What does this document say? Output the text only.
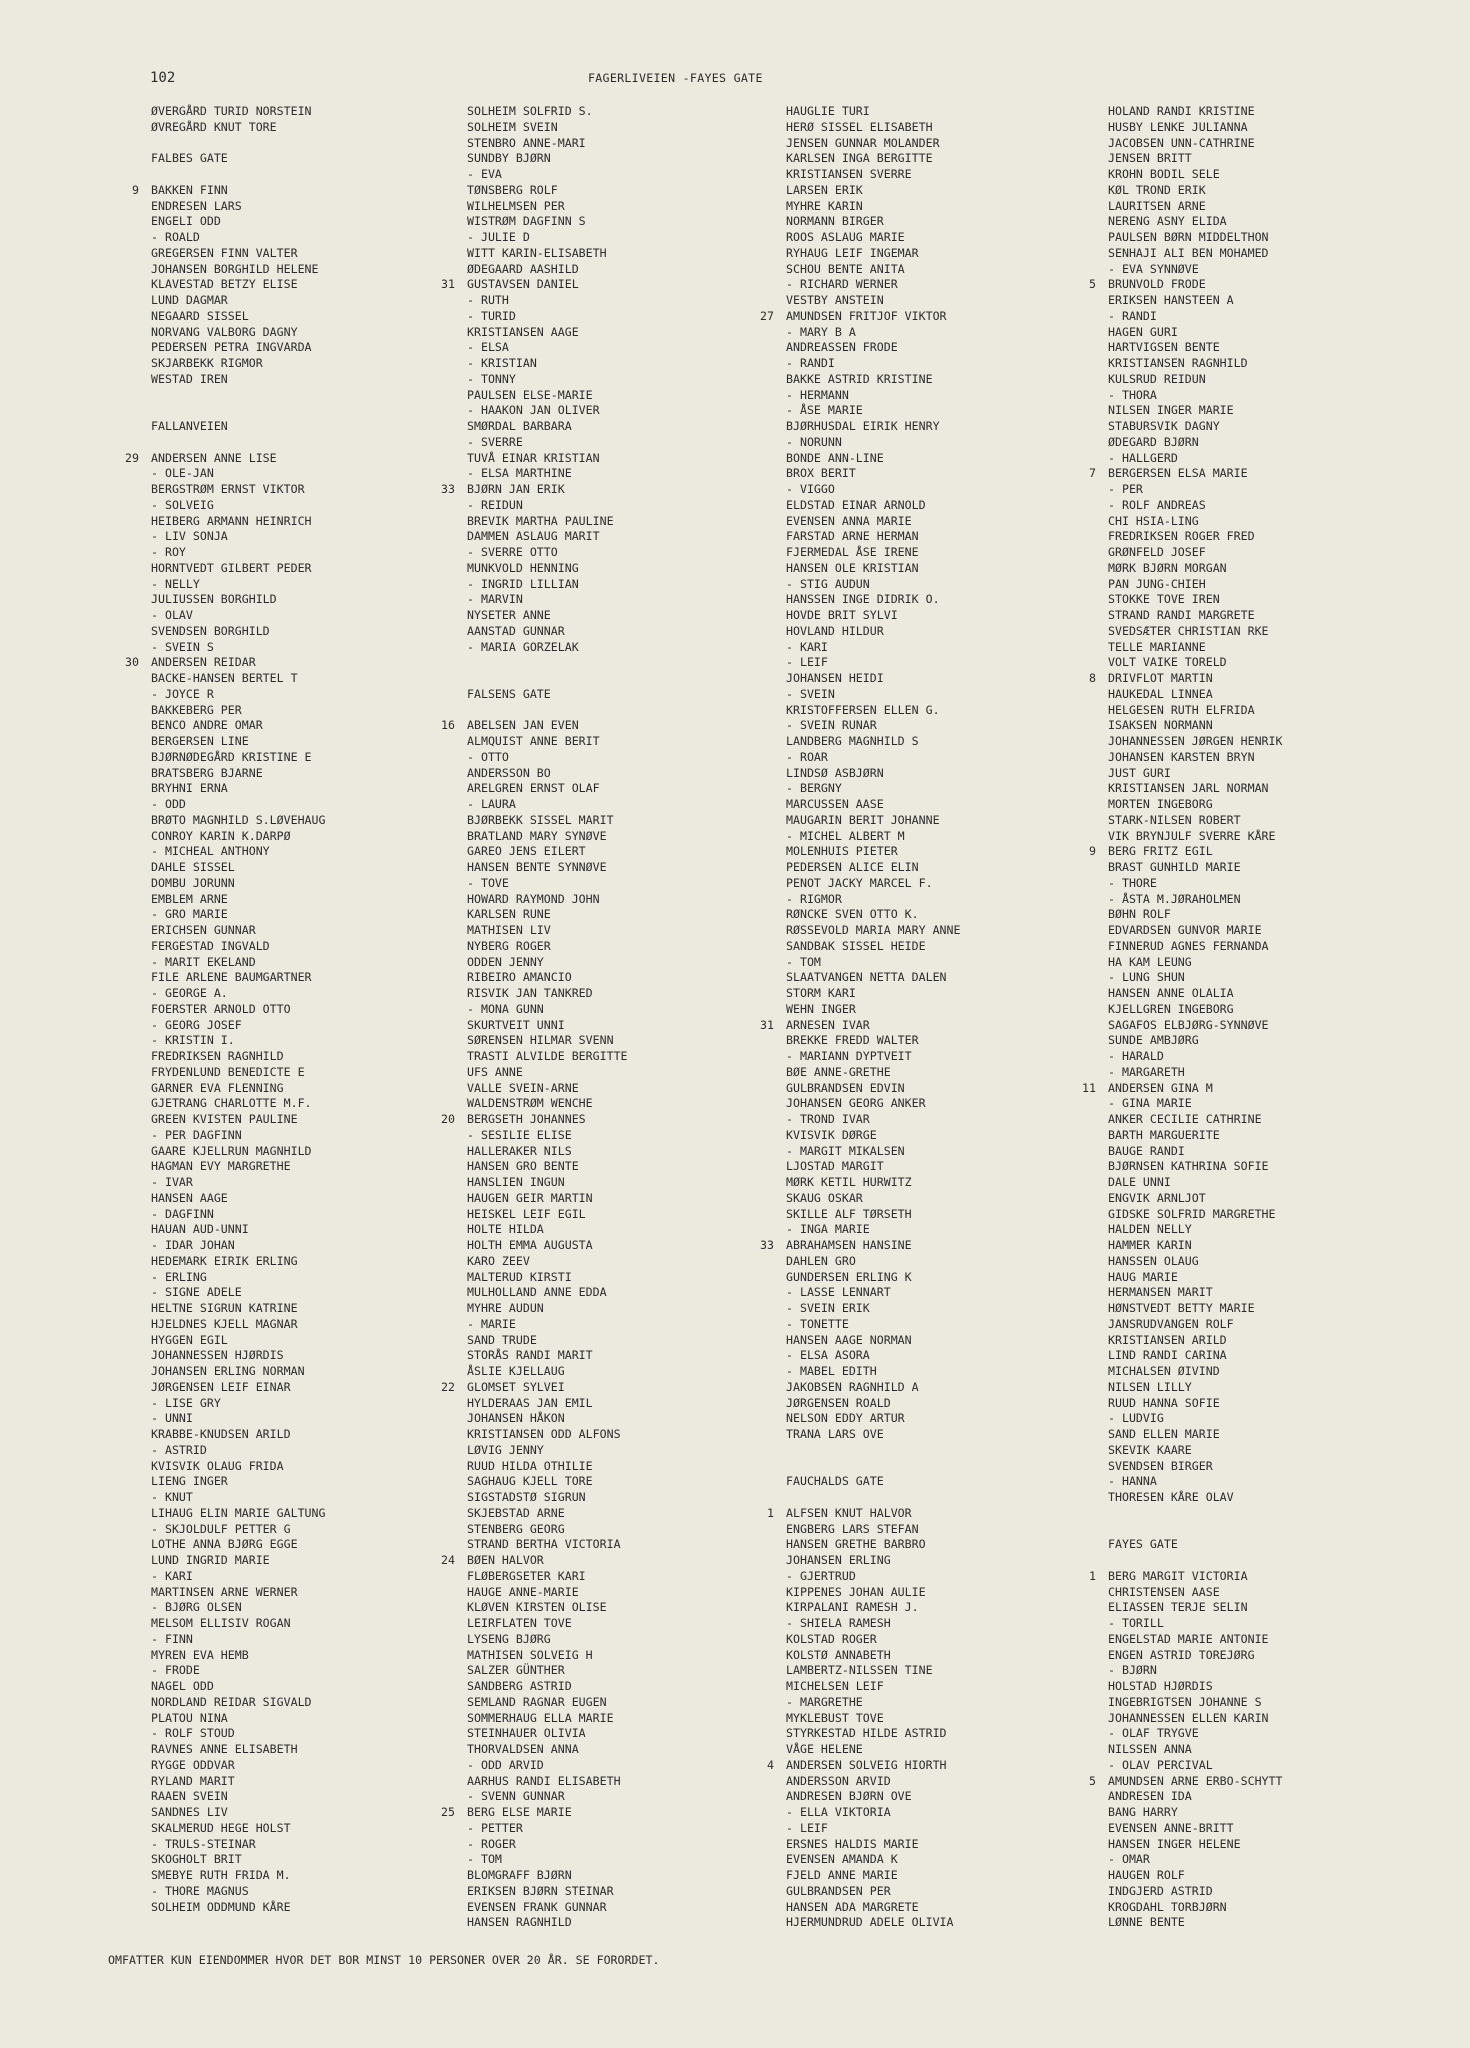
102	FAGERLIVEIEN -FAYES GATE
ØVERGÅRD TURID NORSTEIN
ØVREGÅRD KNUT TORE
FALBES GATE
9 BAKKEN FINN
ENDRESEN LARS
ENGELI ODD
- ROALD
GREGERSEN FINN VALTER
JOHANSEN BORGHILD HELENE
KLAVESTAD BETZY ELISE
LUND DAGMAR
NEGAARD SISSEL
NORVANG VALBORG DAGNY
PEDERSEN PETRA INGVARDA
SKJARBEKK RIGMOR
WESTAD IREN
FALLANVEIEN
29 ANDERSEN ANNE LISE
- OLE-JAN
BERGSTRØM ERNST VIKTOR
- SOLVEIG
HEIBERG ARMANN HEINRICH
- LIV SONJA
- ROY
HORNTVEDT GILBERT PEDER
- NELLY
JULIUSSEN BORGHILD
- OLAV
SVENDSEN BORGHILD
- SVEIN S
30 ANDERSEN REIDAR
BACKE-HANSEN BERTEL T
- JOYCE R
BAKKEBERG PER
BENCO ANDRE OMAR
BERGERSEN LINE
BJØRNØDEGÅRD KRISTINE E
BRATSBERG BJARNE
BRYHNI ERNA
- ODD
BRØTO MAGNHILD S.LØVEHAUG
CONROY KARIN K.DARPØ
- MICHEAL ANTHONY
DAHLE SISSEL
DOMBU JORUNN
EMBLEM ARNE
- GRO MARIE
ERICHSEN GUNNAR
FERGESTAD INGVALD
- MARIT EKELAND
FILE ARLENE BAUMGARTNER
- GEORGE A.
FOERSTER ARNOLD OTTO
- GEORG JOSEF
- KRISTIN I.
FREDRIKSEN RAGNHILD
FRYDENLUND BENEDICTE E
GARNER EVA FLENNING
GJETRANG CHARLOTTE M.F.
GREEN KVISTEN PAULINE
- PER DAGFINN
GAARE KJELLRUN MAGNHILD
HAGMAN EVY MARGRETHE
- IVAR
HANSEN AAGE
- DAGFINN
HAUAN AUD-UNNI
- IDAR JOHAN
HEDEMARK EIRIK ERLING
- ERLING
- SIGNE ADELE
HELTNE SIGRUN KATRINE
HJELDNES KJELL MAGNAR
HYGGEN EGIL
JOHANNESSEN HJØRDIS
JOHANSEN ERLING NORMAN
JØRGENSEN LEIF EINAR
- LISE GRY
- UNNI
KRABBE-KNUDSEN ARILD
- ASTRID
KVISVIK OLAUG FRIDA
LIENG INGER
- KNUT
LIHAUG ELIN MARIE GALTUNG
- SKJOLDULF PETTER G
LOTHE ANNA BJØRG EGGE
LUND INGRID MARIE
- KARI
MARTINSEN ARNE WERNER
- BJØRG OLSEN
MELSOM ELLISIV ROGAN
- FINN
MYREN EVA HEMB
- FRODE
NAGEL ODD
NORDLAND REIDAR SIGVALD
PLATOU NINA
- ROLF STOUD
RAVNES ANNE ELISABETH
RYGGE ODDVAR
RYLAND MARIT
RAAEN SVEIN
SANDNES LIV
SKALMERUD HEGE HOLST
- TRULS-STEINAR
SKOGHOLT BRIT
SMEBYE RUTH FRIDA M.
- THORE MAGNUS
SOLHEIM ODDMUND KÅRE
SOLHEIM SOLFRID S.
SOLHEIM SVEIN
STENBRO ANNE-MARI
SUNDBY BJØRN
- EVA
TØNSBERG ROLF
WILHELMSEN PER
WISTRØM DAGFINN S
- JULIE D
WITT KARIN-ELISABETH
ØDEGAARD AASHILD
31 GUSTAVSEN DANIEL
- RUTH
- TURID
KRISTIANSEN AAGE
- ELSA
- KRISTIAN
- TONNY
PAULSEN ELSE-MARIE
- HAAKON JAN OLIVER
SMØRDAL BARBARA
- SVERRE
TUVÅ EINAR KRISTIAN
- ELSA MARTHINE
33 BJØRN JAN ERIK
- REIDUN
BREVIK MARTHA PAULINE
DAMMEN ASLAUG MARIT
- SVERRE OTTO
MUNKVOLD HENNING
- INGRID LILLIAN
- MARVIN
NYSETER ANNE
AANSTAD GUNNAR
- MARIA GORZELAK
FALSENS GATE
16 ABELSEN JAN EVEN
ALMQUIST ANNE BERIT
- OTTO
ANDERSSON BO
ARELGREN ERNST OLAF
- LAURA
BJØRBEKK SISSEL MARIT
BRATLAND MARY SYNØVE
GAREO JENS EILERT
HANSEN BENTE SYNNØVE
- TOVE
HOWARD RAYMOND JOHN
KARLSEN RUNE
MATHISEN LIV
NYBERG ROGER
ODDEN JENNY
RIBEIRO AMANCIO
RISVIK JAN TANKRED
- MONA GUNN
SKURTVEIT UNNI
SØRENSEN HILMAR SVENN
TRASTI ALVILDE BERGITTE
UFS ANNE
VALLE SVEIN-ARNE
WALDENSTRØM WENCHE
20 BERGSETH JOHANNES
- SESILIE ELISE
HALLERAKER NILS
HANSEN GRO BENTE
HANSLIEN INGUN
HAUGEN GEIR MARTIN
HEISKEL LEIF EGIL
HOLTE HILDA
HOLTH EMMA AUGUSTA
KARO ZEEV
MALTERUD KIRSTI
MULHOLLAND ANNE EDDA
MYHRE AUDUN
- MARIE
SAND TRUDE
STORÅS RANDI MARIT
ÅSLIE KJELLAUG
22 GLOMSET SYLVEI
HYLDERAAS JAN EMIL
JOHANSEN HÅKON
KRISTIANSEN ODD ALFONS
LØVIG JENNY
RUUD HILDA OTHILIE
SAGHAUG KJELL TORE
SIGSTADSTØ SIGRUN
SKJEBSTAD ARNE
STENBERG GEORG
STRAND BERTHA VICTORIA
24 BØEN HALVOR
FLØBERGSETER KARI
HAUGE ANNE-MARIE
KLØVEN KIRSTEN OLISE
LEIRFLATEN TOVE
LYSENG BJØRG
MATHISEN SOLVEIG H
SALZER GÜNTHER
SANDBERG ASTRID
SEMLAND RAGNAR EUGEN
SOMMERHAUG ELLA MARIE
STEINHAUER OLIVIA
THORVALDSEN ANNA
- ODD ARVID
AARHUS RANDI ELISABETH
- SVENN GUNNAR
25 BERG ELSE MARIE
- PETTER
- ROGER
- TOM
BLOMGRAFF BJØRN
ERIKSEN BJØRN STEINAR
EVENSEN FRANK GUNNAR
HANSEN RAGNHILD
HAUGLIE TURI
HERØ SISSEL ELISABETH
JENSEN GUNNAR MOLANDER
KARLSEN INGA BERGITTE
KRISTIANSEN SVERRE
LARSEN ERIK
MYHRE KARIN
NORMANN BIRGER
ROOS ASLAUG MARIE
RYHAUG LEIF INGEMAR
SCHOU BENTE ANITA
- RICHARD WERNER
VESTBY ANSTEIN
27 AMUNDSEN FRITJOF VIKTOR
- MARY B A
ANDREASSEN FRODE
- RANDI
BAKKE ASTRID KRISTINE
- HERMANN
- ÅSE MARIE
BJØRHUSDAL EIRIK HENRY
- NORUNN
BONDE ANN-LINE
BROX BERIT
- VIGGO
ELDSTAD EINAR ARNOLD
EVENSEN ANNA MARIE
FARSTAD ARNE HERMAN
FJERMEDAL ÅSE IRENE
HANSEN OLE KRISTIAN
- STIG AUDUN
HANSSEN INGE DIDRIK O.
HOVDE BRIT SYLVI
HOVLAND HILDUR
- KARI
- LEIF
JOHANSEN HEIDI
- SVEIN
KRISTOFFERSEN ELLEN G.
- SVEIN RUNAR
LANDBERG MAGNHILD S
- ROAR
LINDSØ ASBJØRN
- BERGNY
MARCUSSEN AASE
MAUGARIN BERIT JOHANNE
- MICHEL ALBERT M
MOLENHUIS PIETER
PEDERSEN ALICE ELIN
PENOT JACKY MARCEL F.
- RIGMOR
RØNCKE SVEN OTTO K.
RØSSEVOLD MARIA MARY ANNE
SANDBAK SISSEL HEIDE
- TOM
SLAATVANGEN NETTA DALEN
STORM KARI
WEHN INGER
31 ARNESEN IVAR
BREKKE FREDD WALTER
- MARIANN DYPTVEIT
BØE ANNE-GRETHE
GULBRANDSEN EDVIN
JOHANSEN GEORG ANKER
- TROND IVAR
KVISVIK DØRGE
- MARGIT MIKALSEN
LJOSTAD MARGIT
MØRK KETIL HURWITZ
SKAUG OSKAR
SKILLE ALF TØRSETH
- INGA MARIE
33 ABRAHAMSEN HANSINE
DAHLEN GRO
GUNDERSEN ERLING K
- LASSE LENNART
- SVEIN ERIK
- TONETTE
HANSEN AAGE NORMAN
- ELSA ASORA
- MABEL EDITH
JAKOBSEN RAGNHILD A
JØRGENSEN ROALD
NELSON EDDY ARTUR
TRANA LARS OVE
FAUCHALDS GATE
1 ALFSEN KNUT HALVOR
ENGBERG LARS STEFAN
HANSEN GRETHE BARBRO
JOHANSEN ERLING
- GJERTRUD
KIPPENES JOHAN AULIE
KIRPALANI RAMESH J.
- SHIELA RAMESH
KOLSTAD ROGER
KOLSTØ ANNABETH
LAMBERTZ-NILSSEN TINE
MICHELSEN LEIF
- MARGRETHE
MYKLEBUST TOVE
STYRKESTAD HILDE ASTRID
VÅGE HELENE
4 ANDERSEN SOLVEIG HIORTH
ANDERSSON ARVID
ANDRESEN BJØRN OVE
- ELLA VIKTORIA
- LEIF
ERSNES HALDIS MARIE
EVENSEN AMANDA K
FJELD ANNE MARIE
GULBRANDSEN PER
HANSEN ADA MARGRETE
HJERMUNDRUD ADELE OLIVIA
HOLAND RANDI KRISTINE
HUSBY LENKE JULIANNA
JACOBSEN UNN-CATHRINE
JENSEN BRITT
KROHN BODIL SELE
KØL TROND ERIK
LAURITSEN ARNE
NERENG ASNY ELIDA
PAULSEN BØRN MIDDELTHON
SENHAJI ALI BEN MOHAMED
- EVA SYNNØVE
5 BRUNVOLD FRODE
ERIKSEN HANSTEEN A
- RANDI
HAGEN GURI
HARTVIGSEN BENTE
KRISTIANSEN RAGNHILD
KULSRUD REIDUN
- THORA
NILSEN INGER MARIE
STABURSVIK DAGNY
ØDEGARD BJØRN
- HALLGERD
7 BERGERSEN ELSA MARIE
- PER
- ROLF ANDREAS
CHI HSIA-LING
FREDRIKSEN ROGER FRED
GRØNFELD JOSEF
MØRK BJØRN MORGAN
PAN JUNG-CHIEH
STOKKE TOVE IREN
STRAND RANDI MARGRETE
SVEDSÆTER CHRISTIAN RKE
TELLE MARIANNE
VOLT VAIKE TORELD
8 DRIVFLOT MARTIN
HAUKEDAL LINNEA
HELGESEN RUTH ELFRIDA
ISAKSEN NORMANN
JOHANNESSEN JØRGEN HENRIK
JOHANSEN KARSTEN BRYN
JUST GURI
KRISTIANSEN JARL NORMAN
MORTEN INGEBORG
STARK-NILSEN ROBERT
VIK BRYNJULF SVERRE KÅRE
9 BERG FRITZ EGIL
BRAST GUNHILD MARIE
- THORE
- ÅSTA M.JØRAHOLMEN
BØHN ROLF
EDVARDSEN GUNVOR MARIE
FINNERUD AGNES FERNANDA
HA KAM LEUNG
- LUNG SHUN
HANSEN ANNE OLALIA
KJELLGREN INGEBORG
SAGAFOS ELBJØRG-SYNNØVE
SUNDE AMBJØRG
- HARALD
- MARGARETH
11 ANDERSEN GINA M
- GINA MARIE
ANKER CECILIE CATHRINE
BARTH MARGUERITE
BAUGE RANDI
BJØRNSEN KATHRINA SOFIE
DALE UNNI
ENGVIK ARNLJOT
GIDSKE SOLFRID MARGRETHE
HALDEN NELLY
HAMMER KARIN
HANSSEN OLAUG
HAUG MARIE
HERMANSEN MARIT
HØNSTVEDT BETTY MARIE
JANSRUDVANGEN ROLF
KRISTIANSEN ARILD
LIND RANDI CARINA
MICHALSEN ØIVIND
NILSEN LILLY
RUUD HANNA SOFIE
- LUDVIG
SAND ELLEN MARIE
SKEVIK KAARE
SVENDSEN BIRGER
- HANNA
THORESEN KÅRE OLAV
FAYES GATE
1 BERG MARGIT VICTORIA
CHRISTENSEN AASE
ELIASSEN TERJE SELIN
- TORILL
ENGELSTAD MARIE ANTONIE
ENGEN ASTRID TOREJØRG
- BJØRN
HOLSTAD HJØRDIS
INGEBRIGTSEN JOHANNE S
JOHANNESSEN ELLEN KARIN
- OLAF TRYGVE
NILSSEN ANNA
- OLAV PERCIVAL
5 AMUNDSEN ARNE ERBO-SCHYTT
ANDRESEN IDA
BANG HARRY
EVENSEN ANNE-BRITT
HANSEN INGER HELENE
- OMAR
HAUGEN ROLF
INDGJERD ASTRID
KROGDAHL TORBJØRN
LØNNE BENTE
OMFATTER KUN EIENDOMMER HVOR DET BOR MINST 10 PERSONER OVER 20 ÅR. SE FORORDET.
